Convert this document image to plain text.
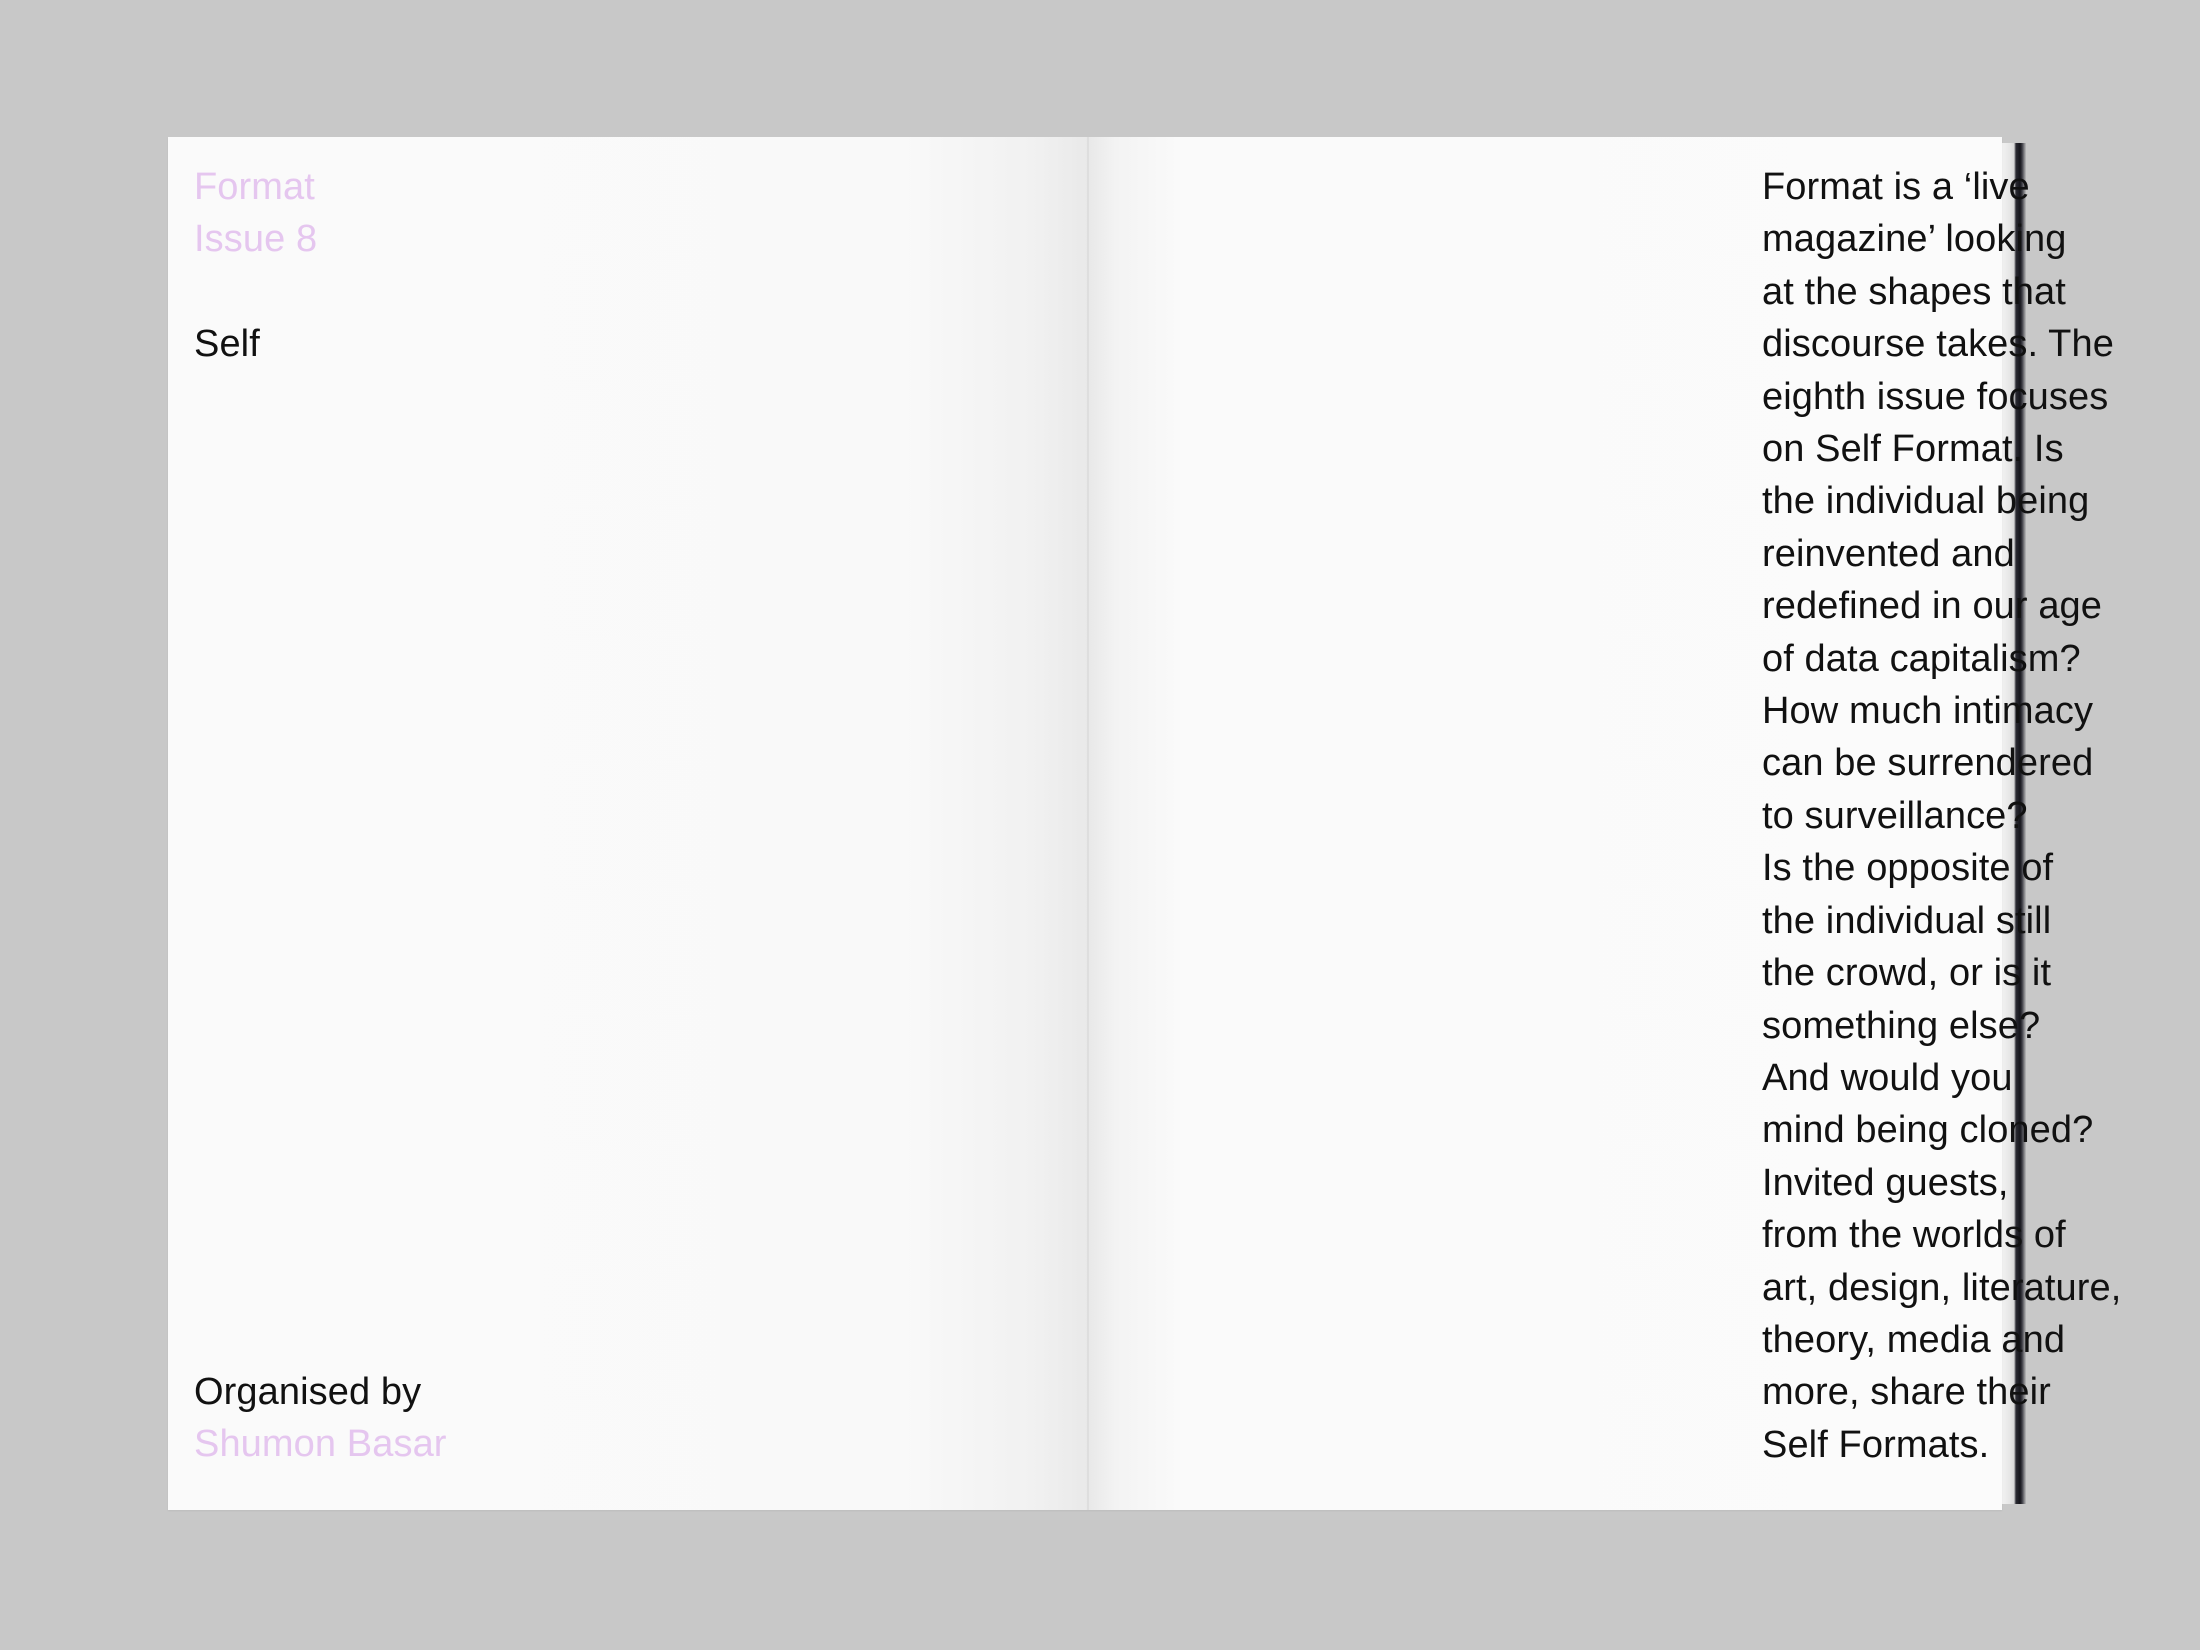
Format
Issue 8
Self
Organised by
Shumon Basar
Format is a ‘live
magazine’ looking
at the shapes that
discourse takes. The
eighth issue focuses
on Self Format. Is
the individual being
reinvented and
redefined in our age
of data capitalism?
How much intimacy
can be surrendered
to surveillance?
Is the opposite of
the individual still
the crowd, or is it
something else?
And would you
mind being cloned?
Invited guests,
from the worlds of
art, design, literature,
theory, media and
more, share their
Self Formats.
